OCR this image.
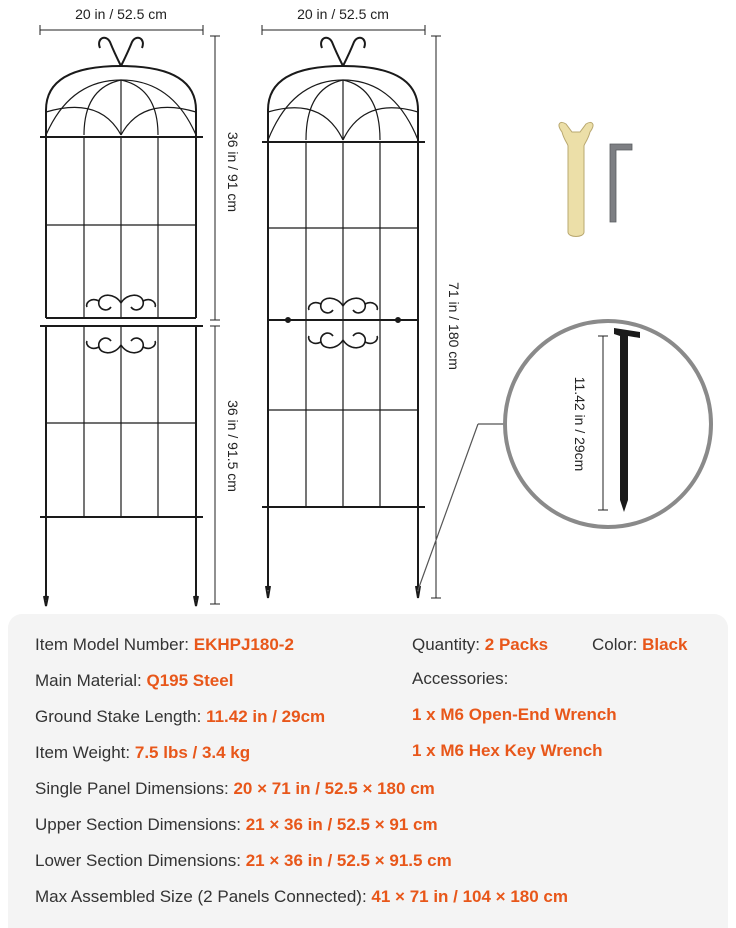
20 in / 52.5 cm	20 in / 52.5 cm
36 in / 91 cm
36 in / 91.5 cm
71 in / 180 cm
11.42 in / 29cm
Item Model Number: EKHPJ180-2	Quantity: 2 Packs	Color: Black
Main Material: Q195 Steel	Accessories:
Ground Stake Length: 11.42 in / 29cm	1 x M6 Open-End Wrench
Item Weight: 7.5 lbs / 3.4 kg	1 x M6 Hex Key Wrench
Single Panel Dimensions: 20 × 71 in / 52.5 × 180 cm
Upper Section Dimensions: 21 × 36 in / 52.5 × 91 cm
Lower Section Dimensions: 21 × 36 in / 52.5 × 91.5 cm
Max Assembled Size (2 Panels Connected): 41 × 71 in / 104 × 180 cm
